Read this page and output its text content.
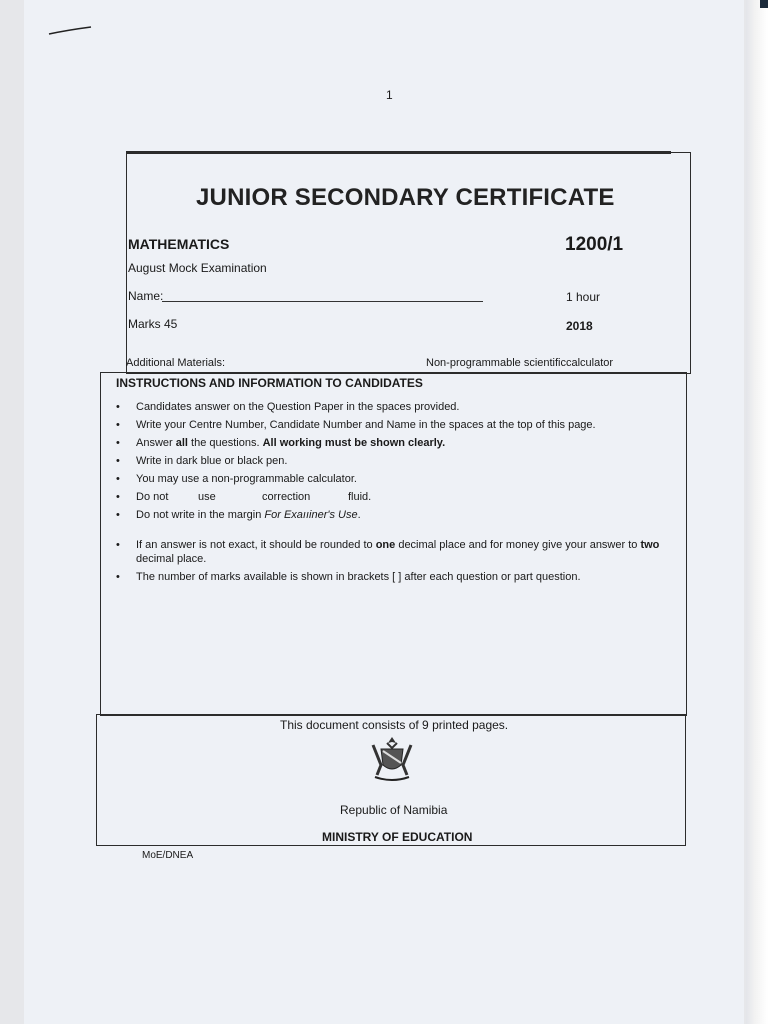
1
JUNIOR SECONDARY CERTIFICATE
MATHEMATICS	1200/1
August Mock Examination
Name:	1 hour
Marks 45	2018
Additional Materials:	Non-programmable scientificcalculator
INSTRUCTIONS AND INFORMATION TO CANDIDATES
• Candidates answer on the Question Paper in the spaces provided.
• Write your Centre Number, Candidate Number and Name in the spaces at the top of this page.
• Answer all the questions. All working must be shown clearly.
• Write in dark blue or black pen.
• You may use a non-programmable calculator.
• Do not	use	correction	fluid.
• Do not write in the margin For Exaııiner's Use.
• If an answer is not exact, it should be rounded to one decimal place and for money give your answer to two decimal place.
• The number of marks available is shown in brackets [ ] after each question or part question.
This document consists of 9 printed pages.
Republic of Namibia
MINISTRY OF EDUCATION
MoE/DNEA
